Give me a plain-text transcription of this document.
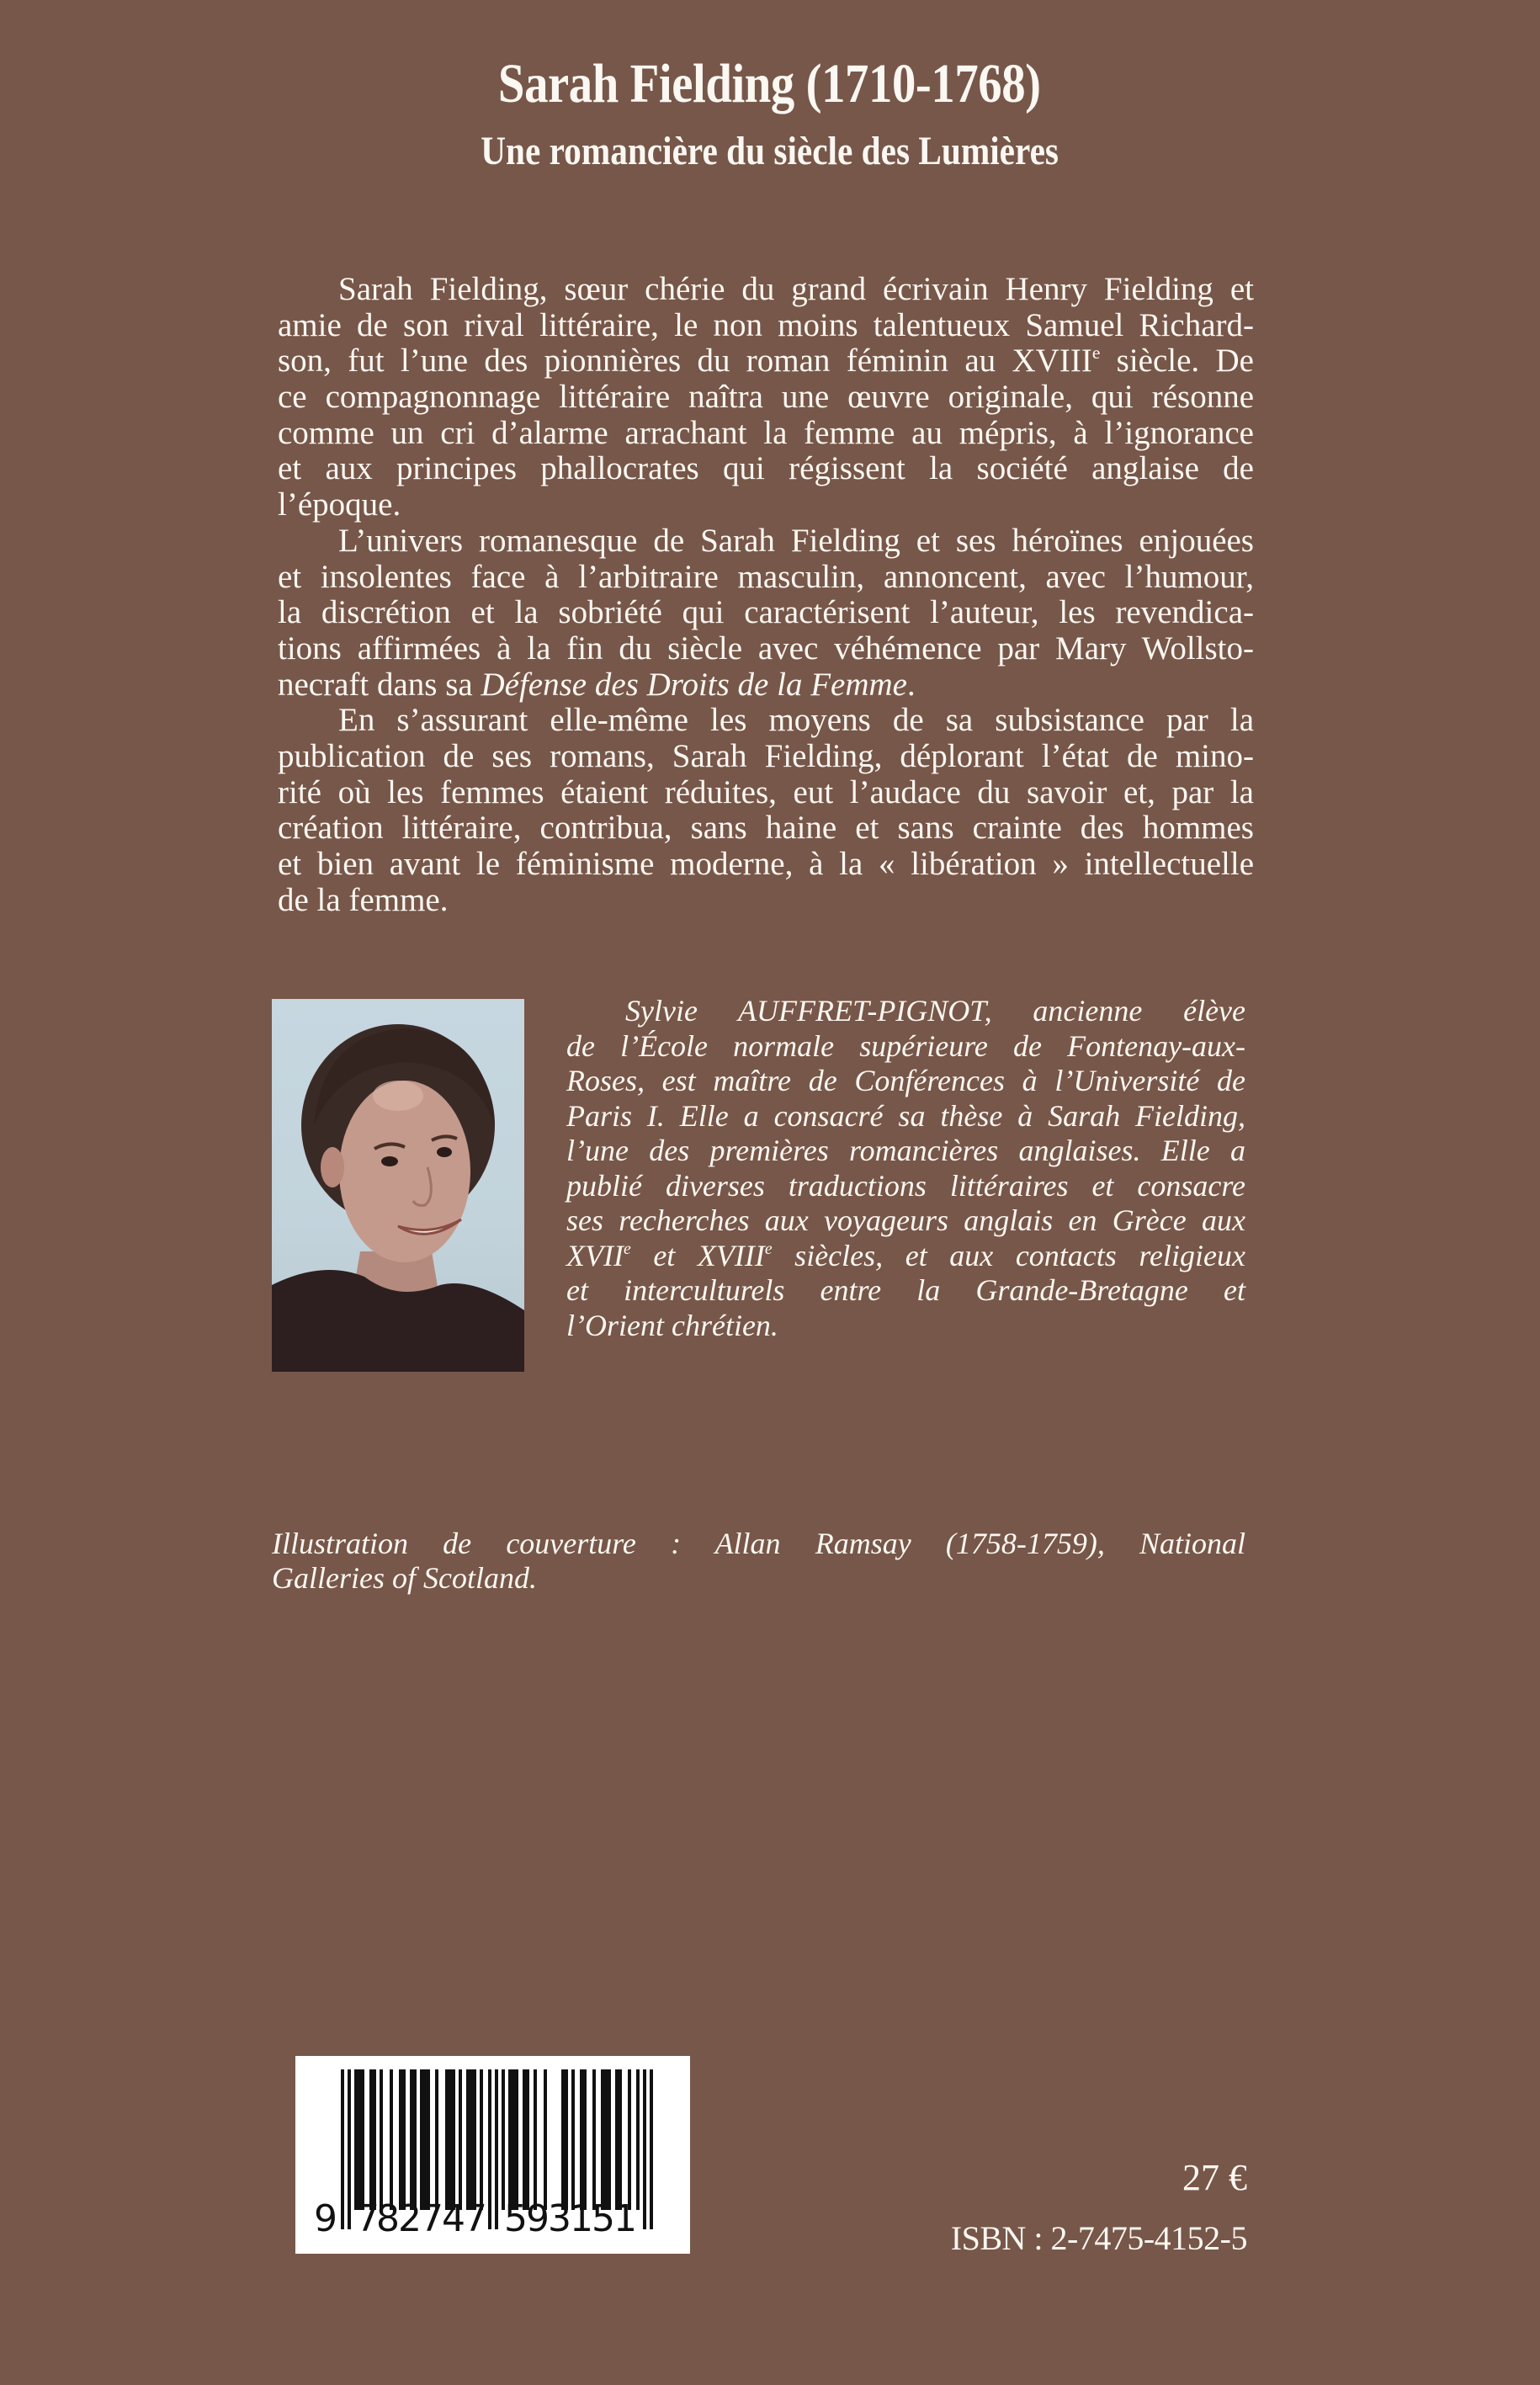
Sarah Fielding (1710-1768)
Une romancière du siècle des Lumières
Sarah Fielding, sœur chérie du grand écrivain Henry Fielding et
amie de son rival littéraire, le non moins talentueux Samuel Richard-
son, fut l’une des pionnières du roman féminin au XVIIIe siècle. De
ce compagnonnage littéraire naîtra une œuvre originale, qui résonne
comme un cri d’alarme arrachant la femme au mépris, à l’ignorance
et aux principes phallocrates qui régissent la société anglaise de
l’époque.
L’univers romanesque de Sarah Fielding et ses héroïnes enjouées
et insolentes face à l’arbitraire masculin, annoncent, avec l’humour,
la discrétion et la sobriété qui caractérisent l’auteur, les revendica-
tions affirmées à la fin du siècle avec véhémence par Mary Wollsto-
necraft dans sa Défense des Droits de la Femme.
En s’assurant elle-même les moyens de sa subsistance par la
publication de ses romans, Sarah Fielding, déplorant l’état de mino-
rité où les femmes étaient réduites, eut l’audace du savoir et, par la
création littéraire, contribua, sans haine et sans crainte des hommes
et bien avant le féminisme moderne, à la « libération » intellectuelle
de la femme.
Sylvie AUFFRET-PIGNOT, ancienne élève
de l’École normale supérieure de Fontenay-aux-
Roses, est maître de Conférences à l’Université de
Paris I. Elle a consacré sa thèse à Sarah Fielding,
l’une des premières romancières anglaises. Elle a
publié diverses traductions littéraires et consacre
ses recherches aux voyageurs anglais en Grèce aux
XVIIe et XVIIIe siècles, et aux contacts religieux
et interculturels entre la Grande-Bretagne et
l’Orient chrétien.
Illustration de couverture : Allan Ramsay (1758-1759), National
Galleries of Scotland.
9 7
8
2
7
4
7 5
9
3
1
5
1
27 €
ISBN : 2-7475-4152-5
